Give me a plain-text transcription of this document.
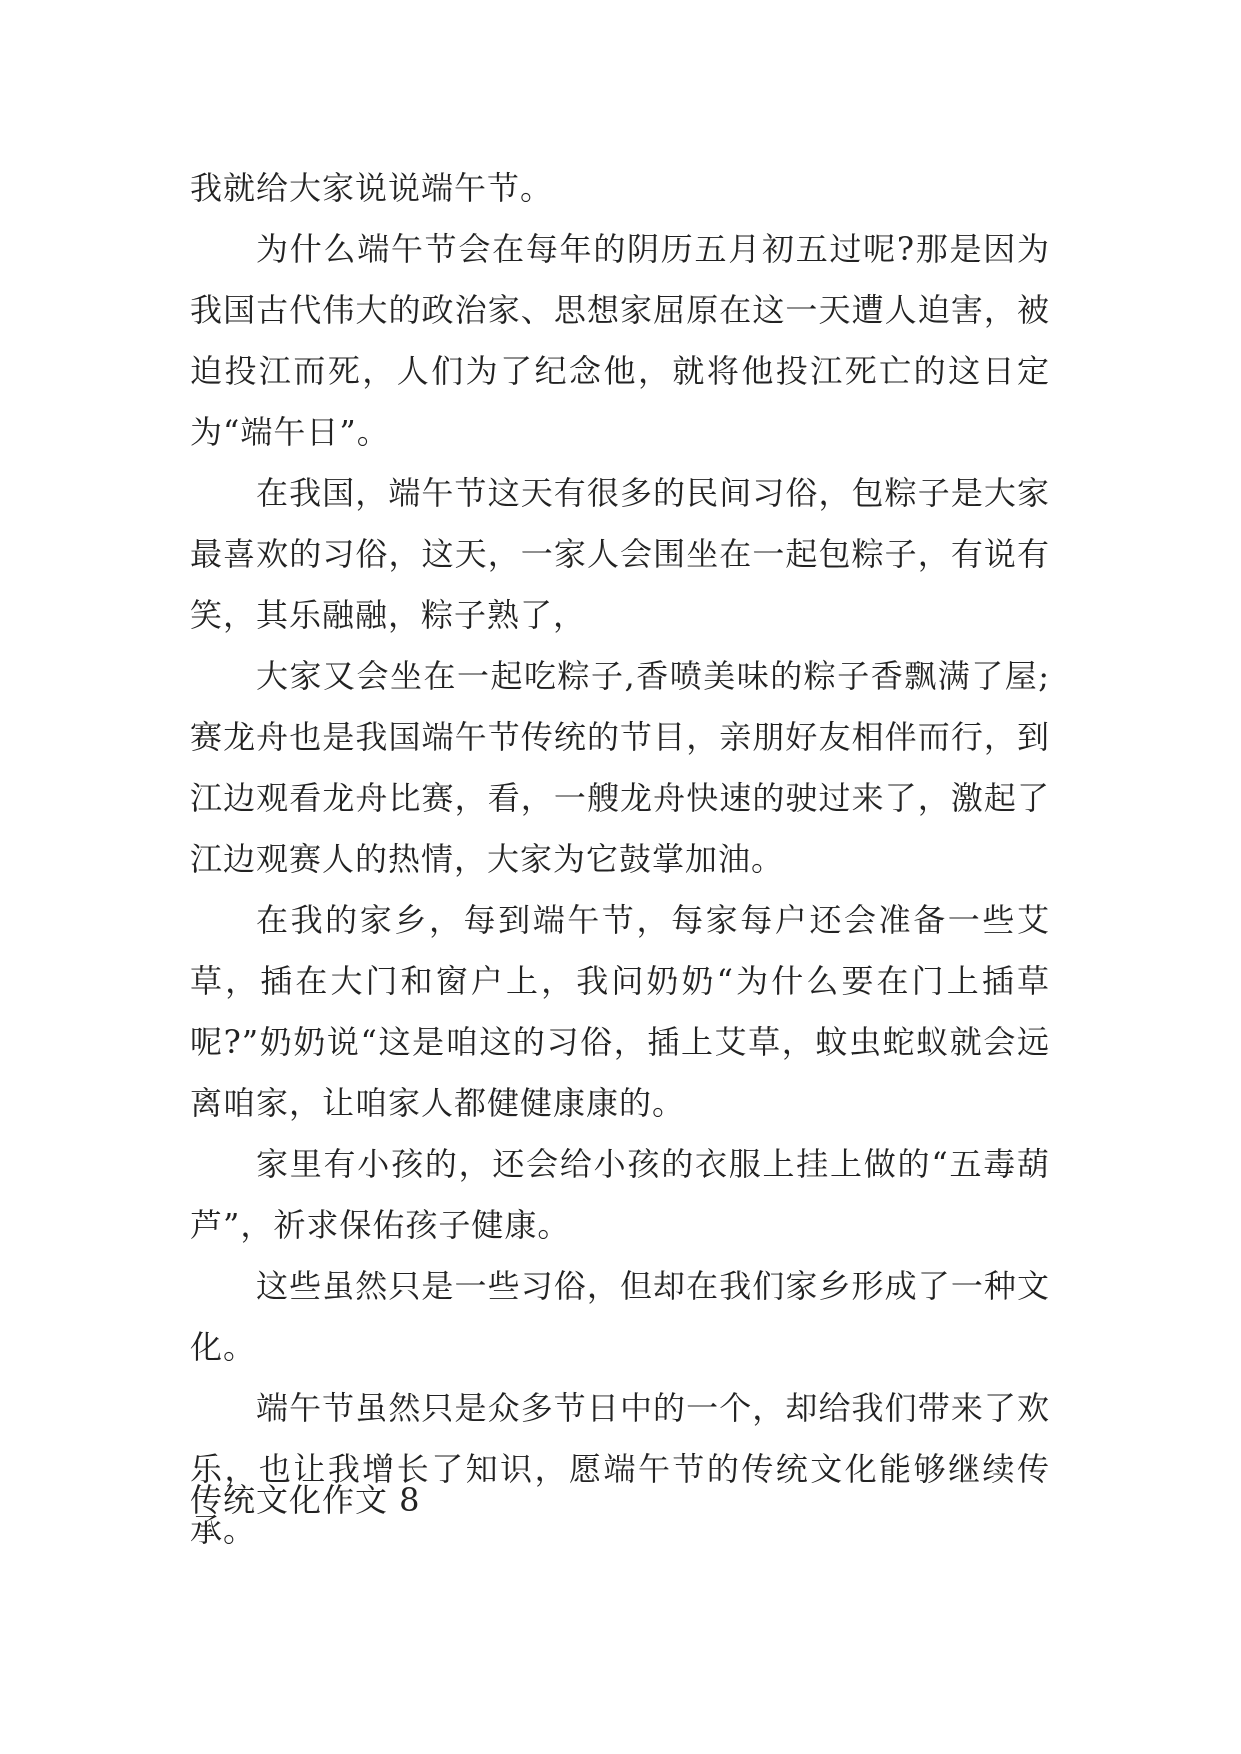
我就给大家说说端午节。

为什么端午节会在每年的阴历五月初五过呢?那是因为我国古代伟大的政治家、思想家屈原在这一天遭人迫害，被迫投江而死，人们为了纪念他，就将他投江死亡的这日定为“端午日”。

在我国，端午节这天有很多的民间习俗，包粽子是大家最喜欢的习俗，这天，一家人会围坐在一起包粽子，有说有笑，其乐融融，粽子熟了，

大家又会坐在一起吃粽子,香喷美味的粽子香飘满了屋;赛龙舟也是我国端午节传统的节目，亲朋好友相伴而行，到江边观看龙舟比赛，看，一艘龙舟快速的驶过来了，激起了江边观赛人的热情，大家为它鼓掌加油。

在我的家乡，每到端午节，每家每户还会准备一些艾草，插在大门和窗户上，我问奶奶“为什么要在门上插草呢?”奶奶说“这是咱这的习俗，插上艾草，蚊虫蛇蚁就会远离咱家，让咱家人都健健康康的。

家里有小孩的，还会给小孩的衣服上挂上做的“五毒葫芦”，祈求保佑孩子健康。

这些虽然只是一些习俗，但却在我们家乡形成了一种文化。

端午节虽然只是众多节日中的一个，却给我们带来了欢乐，也让我增长了知识，愿端午节的传统文化能够继续传承。

传统文化作文 8
